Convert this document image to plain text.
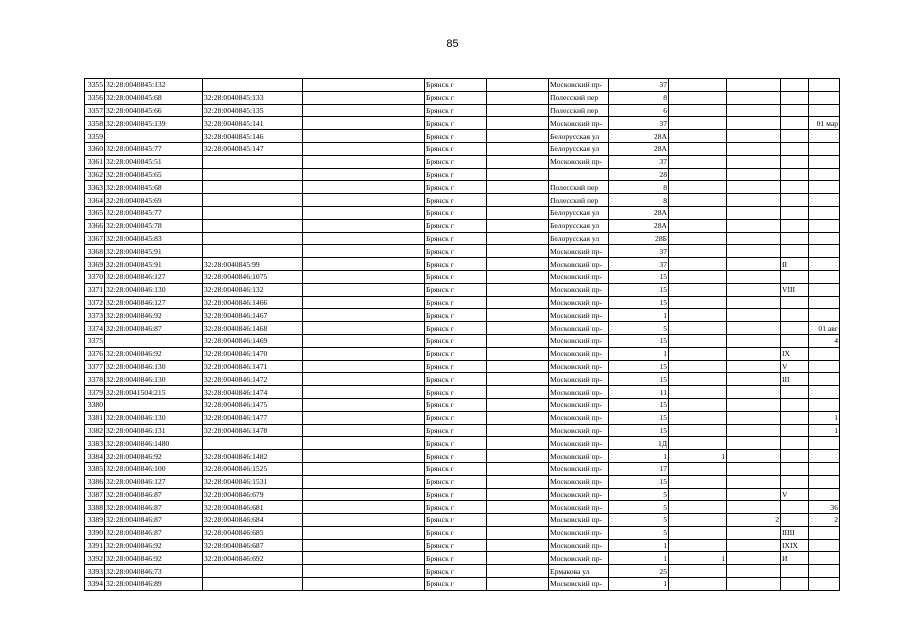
85
3355	32:28:0040845:132			Брянск г		Московский пр-	37				
3356	32:28:0040845:68	32:28:0040845:133		Брянск г		Полесский пер	8				
3357	32:28:0040845:66	32:28:0040845:135		Брянск г		Полесский пер	6				
3358	32:28:0040845:139	32:28:0040845:141		Брянск г		Московский пр-	37				01 мар
3359		32:28:0040845:146		Брянск г		Белорусская ул	28А				
3360	32:28:0040845:77	32:28:0040845:147		Брянск г		Белорусская ул	28А				
3361	32:28:0040845:51			Брянск г		Московский пр-	37				
3362	32:28:0040845:65			Брянск г			28				
3363	32:28:0040845:68			Брянск г		Полесский пер	8				
3364	32:28:0040845:69			Брянск г		Полесский пер	8				
3365	32:28:0040845:77			Брянск г		Белорусская ул	28А				
3366	32:28:0040845:78			Брянск г		Белорусская ул	28А				
3367	32:28:0040845:83			Брянск г		Белорусская ул	28Б				
3368	32:28:0040845:91			Брянск г		Московский пр-	37				
3369	32:28:0040845:91	32:28:0040845:99		Брянск г		Московский пр-	37			II	
3370	32:28:0040846:127	32:28:0040846:1075		Брянск г		Московский пр-	15				
3371	32:28:0040846:130	32:28:0040846:132		Брянск г		Московский пр-	15			VIII	
3372	32:28:0040846:127	32:28:0040846:1466		Брянск г		Московский пр-	15				
3373	32:28:0040846:92	32:28:0040846:1467		Брянск г		Московский пр-	1				
3374	32:28:0040846:87	32:28:0040846:1468		Брянск г		Московский пр-	5				01 авг
3375		32:28:0040846:1469		Брянск г		Московский пр-	15				4
3376	32:28:0040846:92	32:28:0040846:1470		Брянск г		Московский пр-	1			IX	
3377	32:28:0040846:130	32:28:0040846:1471		Брянск г		Московский пр-	15			V	
3378	32:28:0040846:130	32:28:0040846:1472		Брянск г		Московский пр-	15			III	
3379	32:28:0041504:215	32:28:0040846:1474		Брянск г		Московский пр-	11				
3380		32:28:0040846:1475		Брянск г		Московский пр-	15				
3381	32:28:0040846:130	32:28:0040846:1477		Брянск г		Московский пр-	15				1
3382	32:28:0040846:131	32:28:0040846:1478		Брянск г		Московский пр-	15				1
3383	32:28:0040846:1480			Брянск г		Московский пр-	1Д				
3384	32:28:0040846:92	32:28:0040846:1482		Брянск г		Московский пр-	1	1			
3385	32:28:0040846:100	32:28:0040846:1525		Брянск г		Московский пр-	17				
3386	32:28:0040846:127	32:28:0040846:1531		Брянск г		Московский пр-	15				
3387	32:28:0040846:87	32:28:0040846:679		Брянск г		Московский пр-	5			V	
3388	32:28:0040846:87	32:28:0040846:681		Брянск г		Московский пр-	5				36
3389	32:28:0040846:87	32:28:0040846:684		Брянск г		Московский пр-	5		2		2
3390	32:28:0040846:87	32:28:0040846:685		Брянск г		Московский пр-	5			IIIII	
3391	32:28:0040846:92	32:28:0040846:687		Брянск г		Московский пр-	1			IXIX	
3392	32:28:0040846:92	32:28:0040846:692		Брянск г		Московский пр-	1	1		И	
3393	32:28:0040846:73			Брянск г		Ермакова ул	25				
3394	32:28:0040846:89			Брянск г		Московский пр-	1				
